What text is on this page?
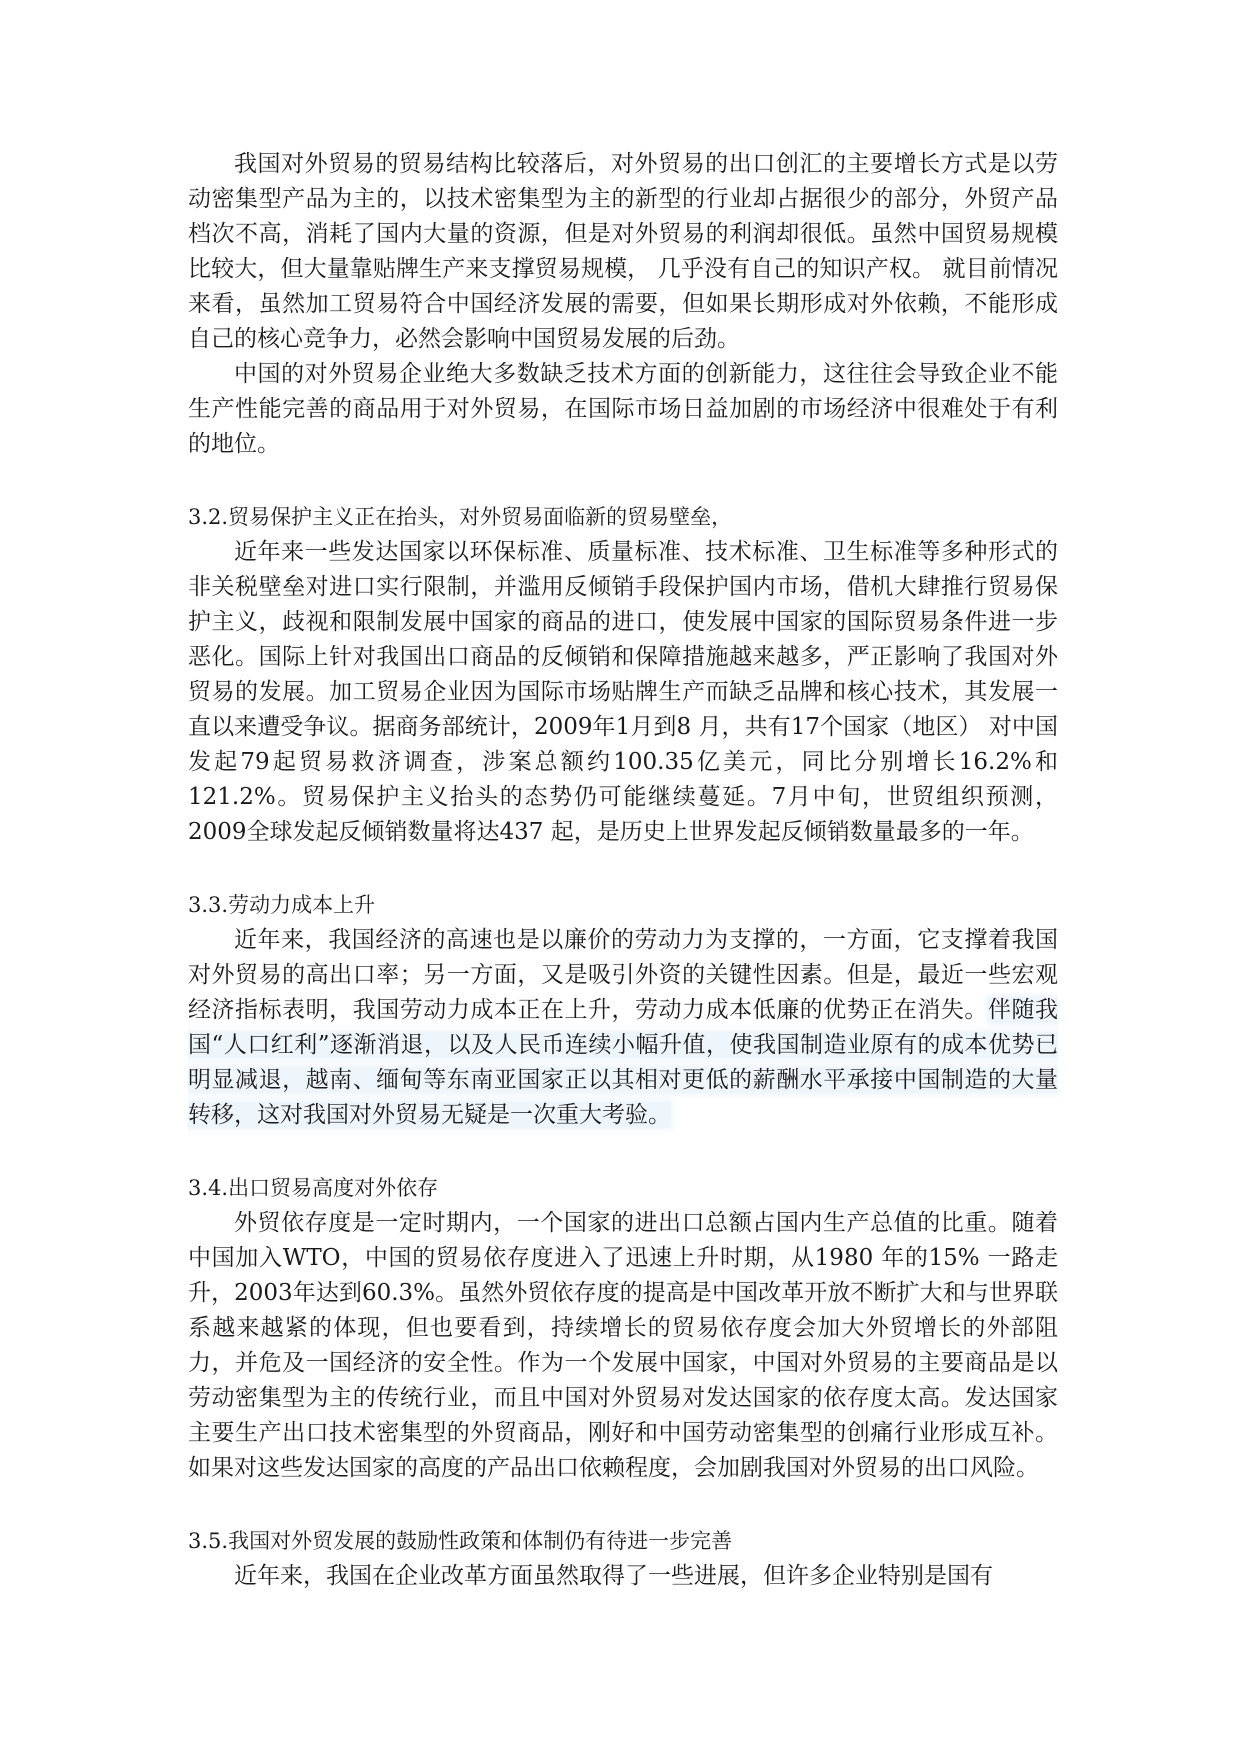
我国对外贸易的贸易结构比较落后，对外贸易的出口创汇的主要增长方式是以劳动密集型产品为主的，以技术密集型为主的新型的行业却占据很少的部分，外贸产品档次不高，消耗了国内大量的资源，但是对外贸易的利润却很低。虽然中国贸易规模比较大，但大量靠贴牌生产来支撑贸易规模， 几乎没有自己的知识产权。 就目前情况来看，虽然加工贸易符合中国经济发展的需要，但如果长期形成对外依赖，不能形成自己的核心竞争力，必然会影响中国贸易发展的后劲。

中国的对外贸易企业绝大多数缺乏技术方面的创新能力，这往往会导致企业不能生产性能完善的商品用于对外贸易，在国际市场日益加剧的市场经济中很难处于有利的地位。

3.2.贸易保护主义正在抬头，对外贸易面临新的贸易壁垒，

近年来一些发达国家以环保标准、质量标准、技术标准、卫生标准等多种形式的非关税壁垒对进口实行限制，并滥用反倾销手段保护国内市场，借机大肆推行贸易保护主义，歧视和限制发展中国家的商品的进口，使发展中国家的国际贸易条件进一步恶化。国际上针对我国出口商品的反倾销和保障措施越来越多，严正影响了我国对外贸易的发展。加工贸易企业因为国际市场贴牌生产而缺乏品牌和核心技术，其发展一直以来遭受争议。据商务部统计，2009年1月到8 月，共有17个国家（地区） 对中国发起79起贸易救济调查，涉案总额约100.35亿美元，同比分别增长16.2%和121.2%。贸易保护主义抬头的态势仍可能继续蔓延。7月中旬，世贸组织预测，2009全球发起反倾销数量将达437 起，是历史上世界发起反倾销数量最多的一年。

3.3.劳动力成本上升

近年来，我国经济的高速也是以廉价的劳动力为支撑的，一方面，它支撑着我国对外贸易的高出口率；另一方面，又是吸引外资的关键性因素。但是，最近一些宏观经济指标表明，我国劳动力成本正在上升，劳动力成本低廉的优势正在消失。伴随我国“人口红利”逐渐消退，以及人民币连续小幅升值，使我国制造业原有的成本优势已明显减退，越南、缅甸等东南亚国家正以其相对更低的薪酬水平承接中国制造的大量转移，这对我国对外贸易无疑是一次重大考验。

3.4.出口贸易高度对外依存

外贸依存度是一定时期内，一个国家的进出口总额占国内生产总值的比重。随着中国加入WTO，中国的贸易依存度进入了迅速上升时期，从1980 年的15% 一路走升，2003年达到60.3%。虽然外贸依存度的提高是中国改革开放不断扩大和与世界联系越来越紧的体现，但也要看到，持续增长的贸易依存度会加大外贸增长的外部阻力，并危及一国经济的安全性。作为一个发展中国家，中国对外贸易的主要商品是以劳动密集型为主的传统行业，而且中国对外贸易对发达国家的依存度太高。发达国家主要生产出口技术密集型的外贸商品，刚好和中国劳动密集型的创痛行业形成互补。如果对这些发达国家的高度的产品出口依赖程度，会加剧我国对外贸易的出口风险。

3.5.我国对外贸发展的鼓励性政策和体制仍有待进一步完善

近年来，我国在企业改革方面虽然取得了一些进展，但许多企业特别是国有
